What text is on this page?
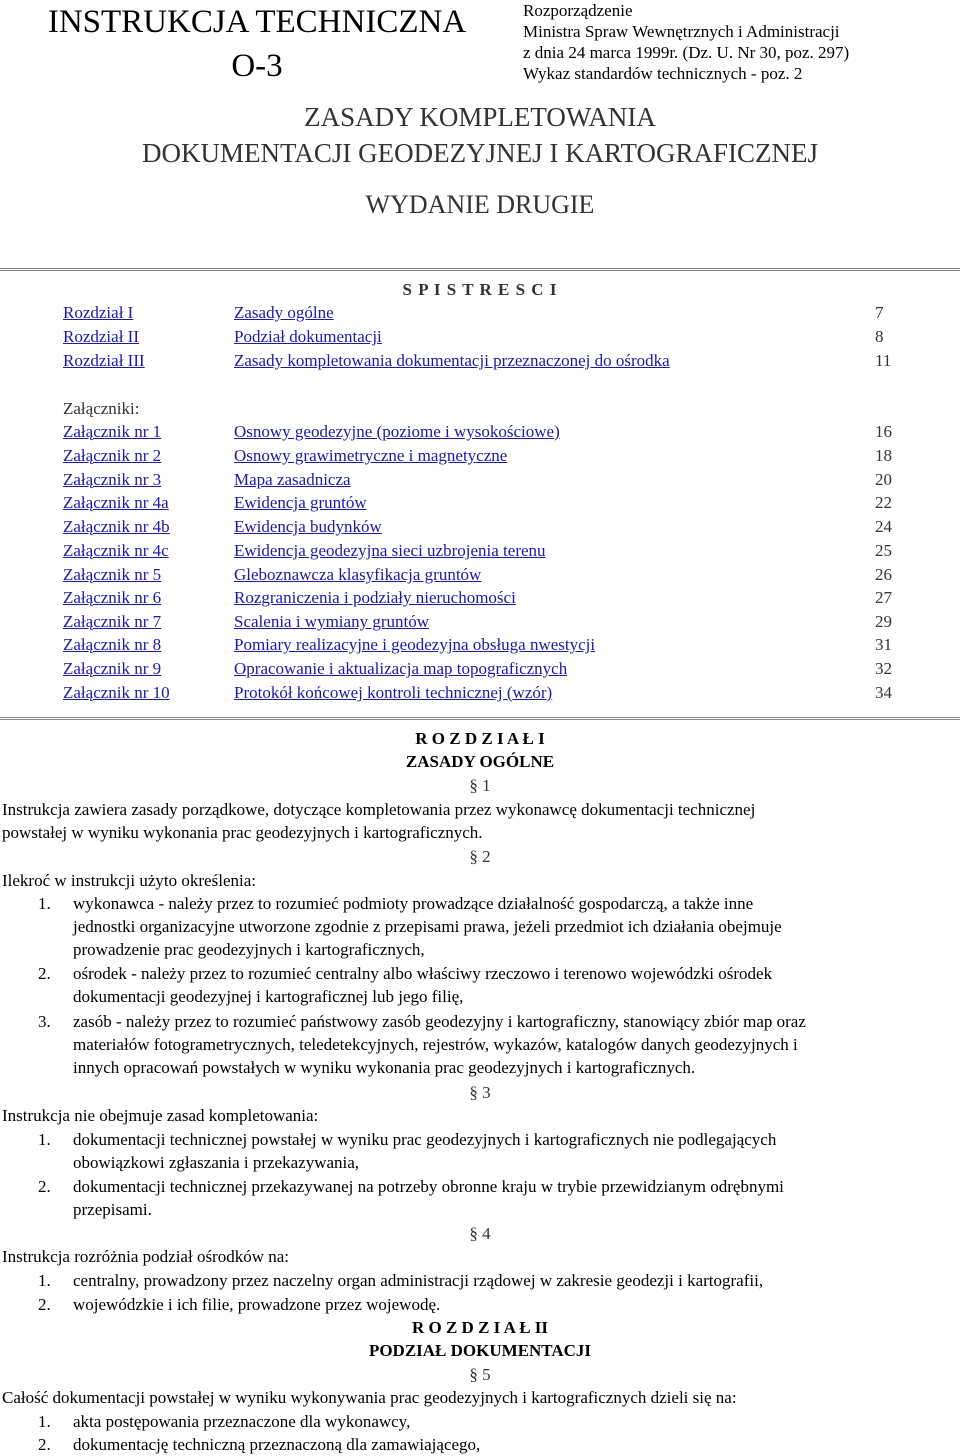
INSTRUKCJA TECHNICZNA
O-3
Rozporządzenie
Ministra Spraw Wewnętrznych i Administracji
z dnia 24 marca 1999r. (Dz. U. Nr 30, poz. 297)
Wykaz standardów technicznych - poz. 2
ZASADY KOMPLETOWANIA
DOKUMENTACJI GEODEZYJNEJ I KARTOGRAFICZNEJ
WYDANIE DRUGIE
S P I S T R E S C I
Rozdział I	Zasady ogólne	7
Rozdział II	Podział dokumentacji	8
Rozdział III	Zasady kompletowania dokumentacji przeznaczonej do ośrodka	11
Załączniki:
Załącznik nr 1	Osnowy geodezyjne (poziome i wysokościowe)	16
Załącznik nr 2	Osnowy grawimetryczne i magnetyczne	18
Załącznik nr 3	Mapa zasadnicza	20
Załącznik nr 4a	Ewidencja gruntów	22
Załącznik nr 4b	Ewidencja budynków	24
Załącznik nr 4c	Ewidencja geodezyjna sieci uzbrojenia terenu	25
Załącznik nr 5	Gleboznawcza klasyfikacja gruntów	26
Załącznik nr 6	Rozgraniczenia i podziały nieruchomości	27
Załącznik nr 7	Scalenia i wymiany gruntów	29
Załącznik nr 8	Pomiary realizacyjne i geodezyjna obsługa nwestycji	31
Załącznik nr 9	Opracowanie i aktualizacja map topograficznych	32
Załącznik nr 10	Protokół końcowej kontroli technicznej (wzór)	34
R O Z D Z I A Ł I
ZASADY OGÓLNE
§ 1
Instrukcja zawiera zasady porządkowe, dotyczące kompletowania przez wykonawcę dokumentacji technicznej
powstałej w wyniku wykonania prac geodezyjnych i kartograficznych.
§ 2
Ilekroć w instrukcji użyto określenia:
1. wykonawca - należy przez to rozumieć podmioty prowadzące działalność gospodarczą, a także inne
jednostki organizacyjne utworzone zgodnie z przepisami prawa, jeżeli przedmiot ich działania obejmuje
prowadzenie prac geodezyjnych i kartograficznych,
2. ośrodek - należy przez to rozumieć centralny albo właściwy rzeczowo i terenowo wojewódzki ośrodek
dokumentacji geodezyjnej i kartograficznej lub jego filię,
3. zasób - należy przez to rozumieć państwowy zasób geodezyjny i kartograficzny, stanowiący zbiór map oraz
materiałów fotogrametrycznych, teledetekcyjnych, rejestrów, wykazów, katalogów danych geodezyjnych i
innych opracowań powstałych w wyniku wykonania prac geodezyjnych i kartograficznych.
§ 3
Instrukcja nie obejmuje zasad kompletowania:
1. dokumentacji technicznej powstałej w wyniku prac geodezyjnych i kartograficznych nie podlegających
obowiązkowi zgłaszania i przekazywania,
2. dokumentacji technicznej przekazywanej na potrzeby obronne kraju w trybie przewidzianym odrębnymi
przepisami.
§ 4
Instrukcja rozróżnia podział ośrodków na:
1. centralny, prowadzony przez naczelny organ administracji rządowej w zakresie geodezji i kartografii,
2. wojewódzkie i ich filie, prowadzone przez wojewodę.
R O Z D Z I A Ł II
PODZIAŁ DOKUMENTACJI
§ 5
Całość dokumentacji powstałej w wyniku wykonywania prac geodezyjnych i kartograficznych dzieli się na:
1. akta postępowania przeznaczone dla wykonawcy,
2. dokumentację techniczną przeznaczoną dla zamawiającego,
